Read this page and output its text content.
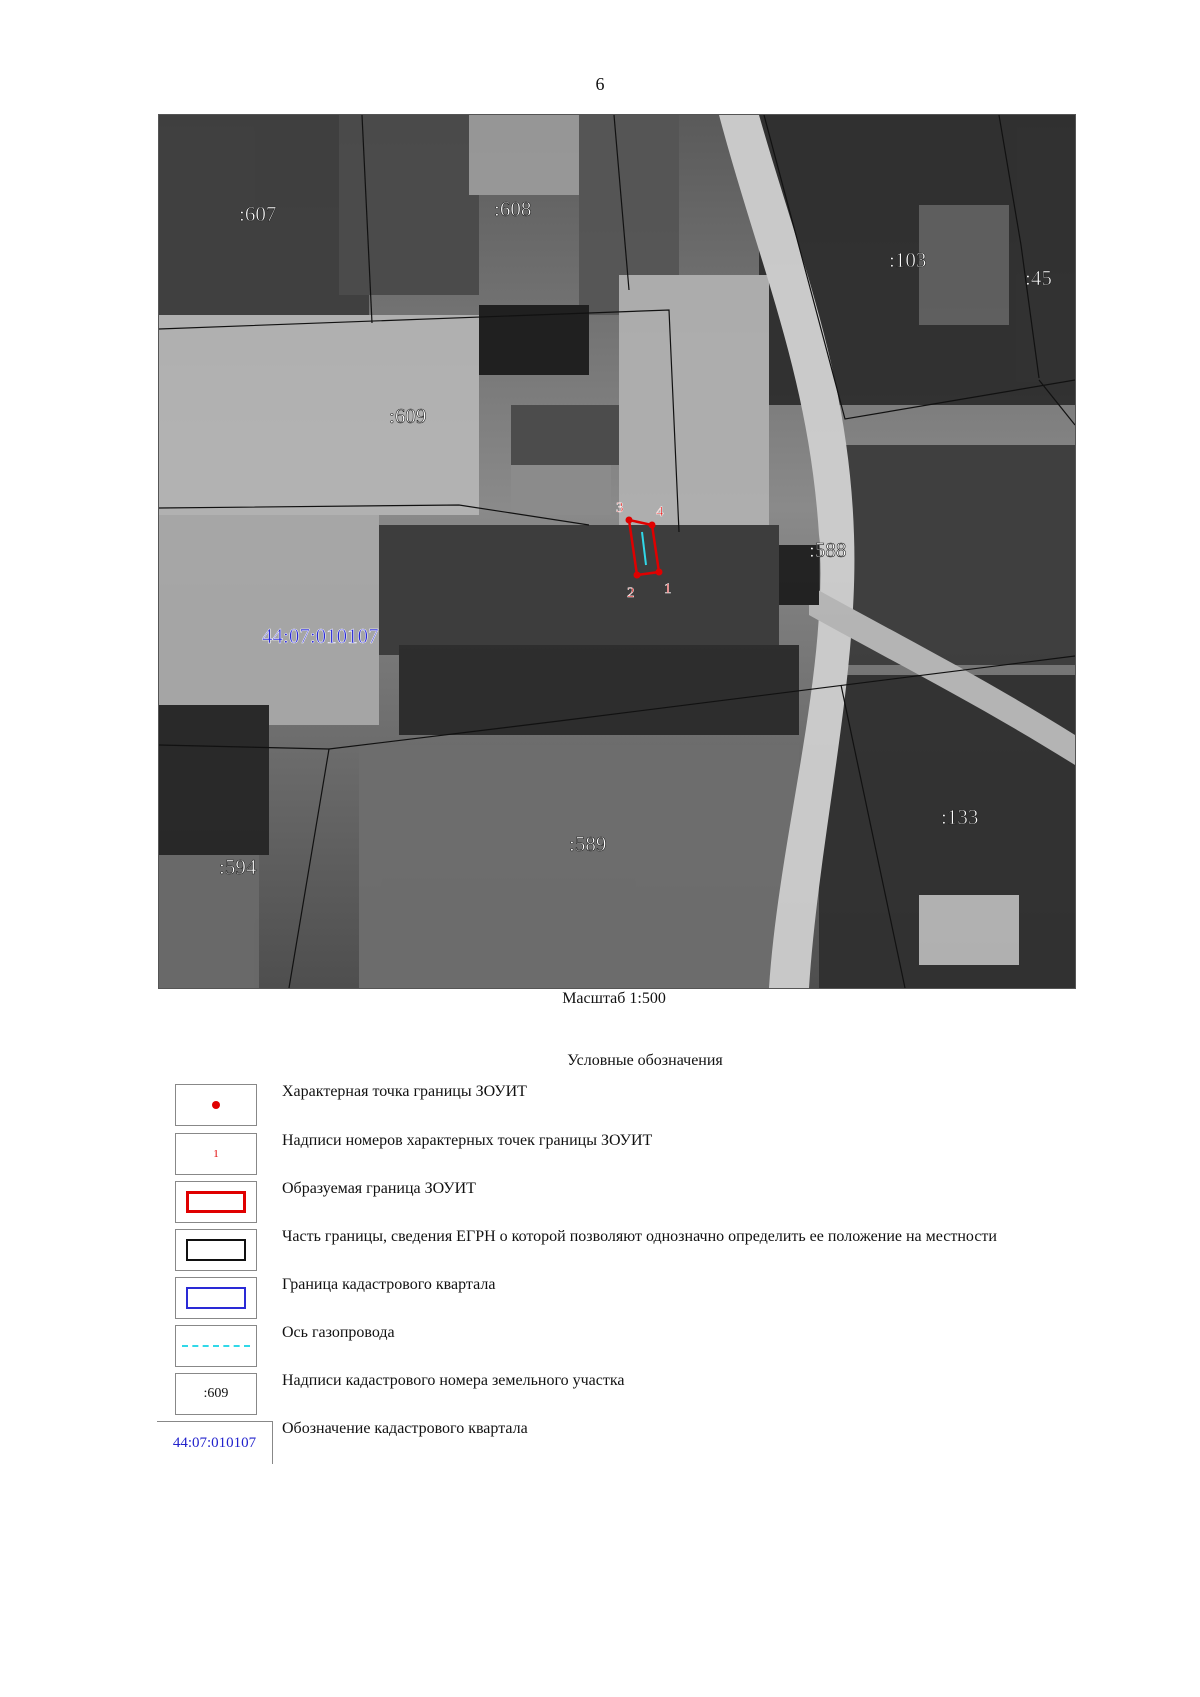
6
1
2
3 4
:607	:608
:103
:45
:609
:588
:133
:589
:594
44:07:010107
Масштаб 1:500
Условные обозначения
Характерная точка границы ЗОУИТ
1
Надписи номеров характерных точек границы ЗОУИТ
Образуемая граница ЗОУИТ
Часть границы, сведения ЕГРН о которой позволяют однозначно определить ее положение на местности
Граница кадастрового квартала
Ось газопровода
:609
Надписи кадастрового номера земельного участка
44:07:010107
Обозначение кадастрового квартала
